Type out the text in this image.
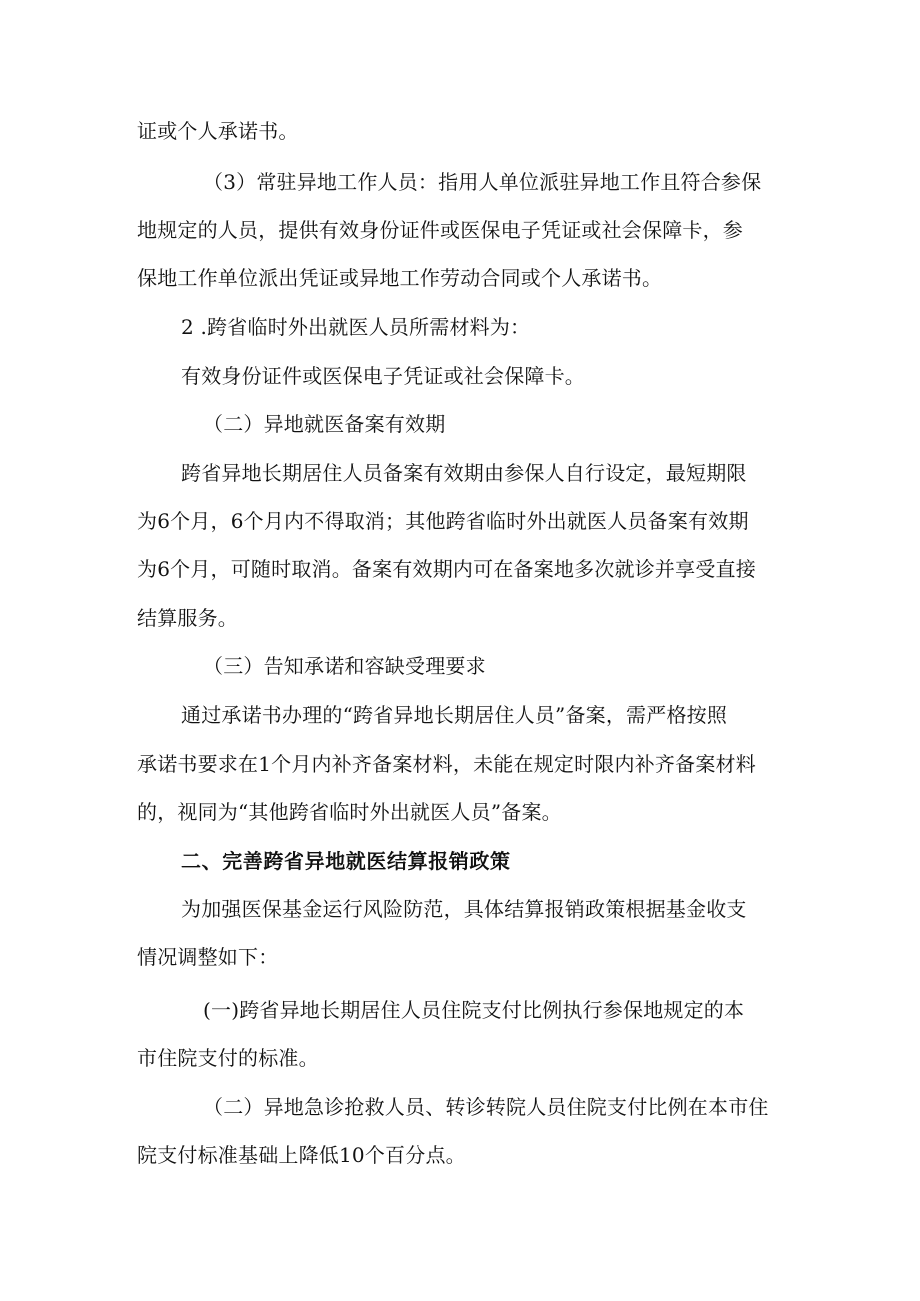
证或个人承诺书。
（3）常驻异地工作人员：指用人单位派驻异地工作且符合参保
地规定的人员，提供有效身份证件或医保电子凭证或社会保障卡，参
保地工作单位派出凭证或异地工作劳动合同或个人承诺书。
2 .跨省临时外出就医人员所需材料为：
有效身份证件或医保电子凭证或社会保障卡。
（二）异地就医备案有效期
跨省异地长期居住人员备案有效期由参保人自行设定，最短期限
为6个月，6个月内不得取消；其他跨省临时外出就医人员备案有效期
为6个月，可随时取消。备案有效期内可在备案地多次就诊并享受直接
结算服务。
（三）告知承诺和容缺受理要求
通过承诺书办理的“跨省异地长期居住人员”备案，需严格按照
承诺书要求在1个月内补齐备案材料，未能在规定时限内补齐备案材料
的，视同为“其他跨省临时外出就医人员”备案。
二、完善跨省异地就医结算报销政策
为加强医保基金运行风险防范，具体结算报销政策根据基金收支
情况调整如下：
(一)跨省异地长期居住人员住院支付比例执行参保地规定的本
市住院支付的标准。
（二）异地急诊抢救人员、转诊转院人员住院支付比例在本市住
院支付标准基础上降低10个百分点。
